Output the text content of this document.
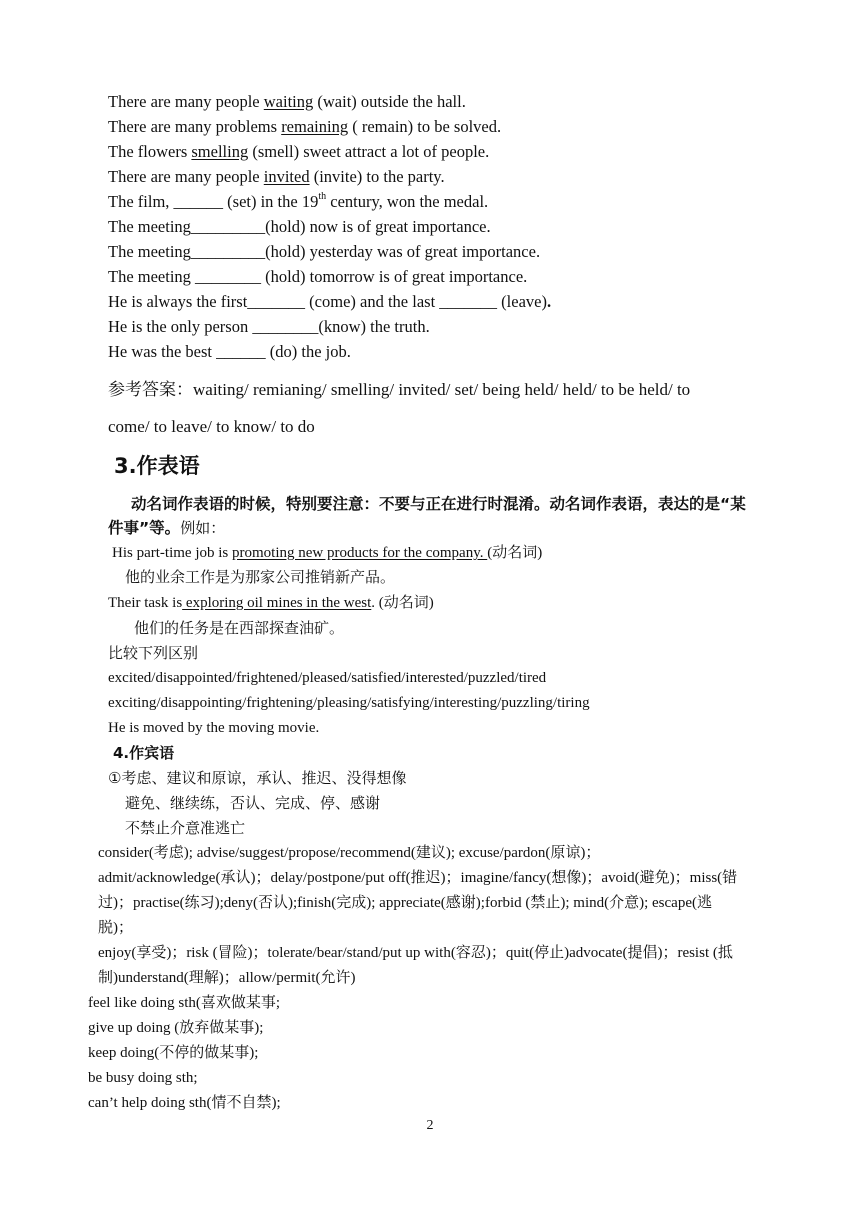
There are many people waiting (wait) outside the hall.
There are many problems remaining ( remain) to be solved.
The flowers smelling (smell) sweet attract a lot of people.
There are many people invited (invite) to the party.
The film, ______ (set) in the 19th century, won the medal.
The meeting_________(hold) now is of great importance.
The meeting_________(hold) yesterday was of great importance.
The meeting ________ (hold) tomorrow is of great importance.
He is always the first_______ (come) and the last _______ (leave).
He is the only person ________(know) the truth.
He was the best ______ (do) the job.
参考答案：waiting/ remianing/ smelling/ invited/ set/ being held/ held/ to be held/ to
come/ to leave/ to know/ to do
3.作表语
动名词作表语的时候，特别要注意：不要与正在进行时混淆。动名词作表语，表达的是“某
件事”等。例如：
His part-time job is promoting new products for the company. (动名词)
他的业余工作是为那家公司推销新产品。
Their task is exploring oil mines in the west. (动名词)
他们的任务是在西部探查油矿。
比较下列区别
excited/disappointed/frightened/pleased/satisfied/interested/puzzled/tired
exciting/disappointing/frightening/pleasing/satisfying/interesting/puzzling/tiring
He is moved by the moving movie.
4.作宾语
①考虑、建议和原谅，承认、推迟、没得想像
避免、继续练，否认、完成、停、感谢
不禁止介意准逃亡
consider(考虑); advise/suggest/propose/recommend(建议); excuse/pardon(原谅)；
admit/acknowledge(承认)；delay/postpone/put off(推迟)；imagine/fancy(想像)；avoid(避免)；miss(错
过)；practise(练习);deny(否认);finish(完成); appreciate(感谢);forbid (禁止); mind(介意); escape(逃
脱)；
enjoy(享受)；risk (冒险)；tolerate/bear/stand/put up with(容忍)；quit(停止)advocate(提倡)；resist (抵
制)understand(理解)；allow/permit(允许)
feel like doing sth(喜欢做某事;
give up doing (放弃做某事);
keep doing(不停的做某事);
be busy doing sth;
can’t help doing sth(情不自禁);
2
